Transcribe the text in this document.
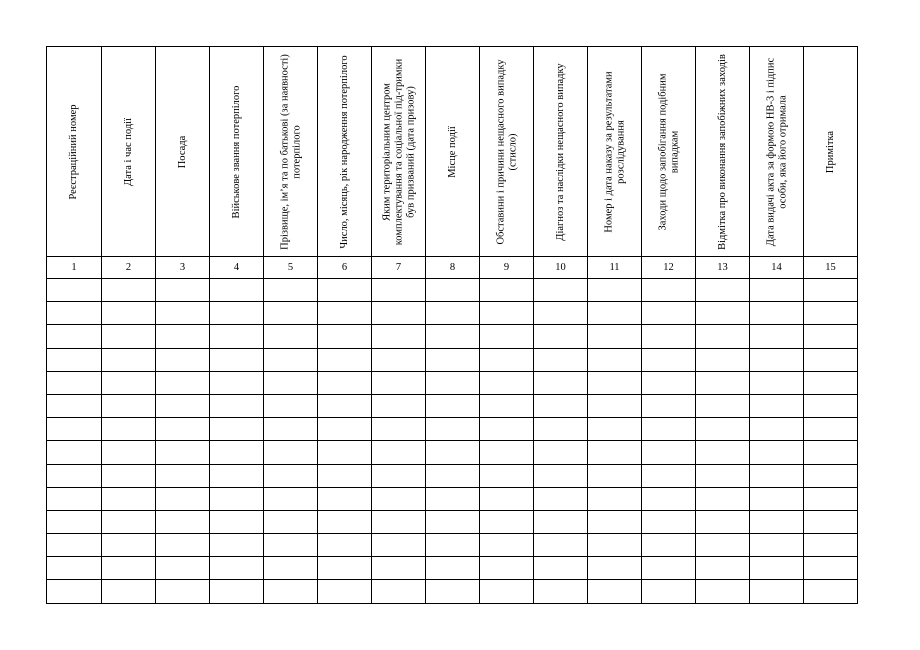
Реєстраційний номер	Дата і час події	Посада	Військове звання потерпілого	Прізвище, ім’я та по батькові (за наявності) потерпілого	Число, місяць, рік народження потерпілого	Яким територіальним центром комплектування та соціальної під-тримки був призваний (дата призову)	Місце події	Обставини і причини нещасного випадку (стисло)	Діагноз та наслідки нещасного випадку	Номер і дата наказу за результатами розслідування	Заходи щодо запобігання подібним випадкам	Відмітка про виконання запобіжних заходів	Дата видачі акта за формою НВ-3 і підпис особи, яка його отримала	Примітка

1	2	3	4	5	6	7	8	9	10	11	12	13	14	15
